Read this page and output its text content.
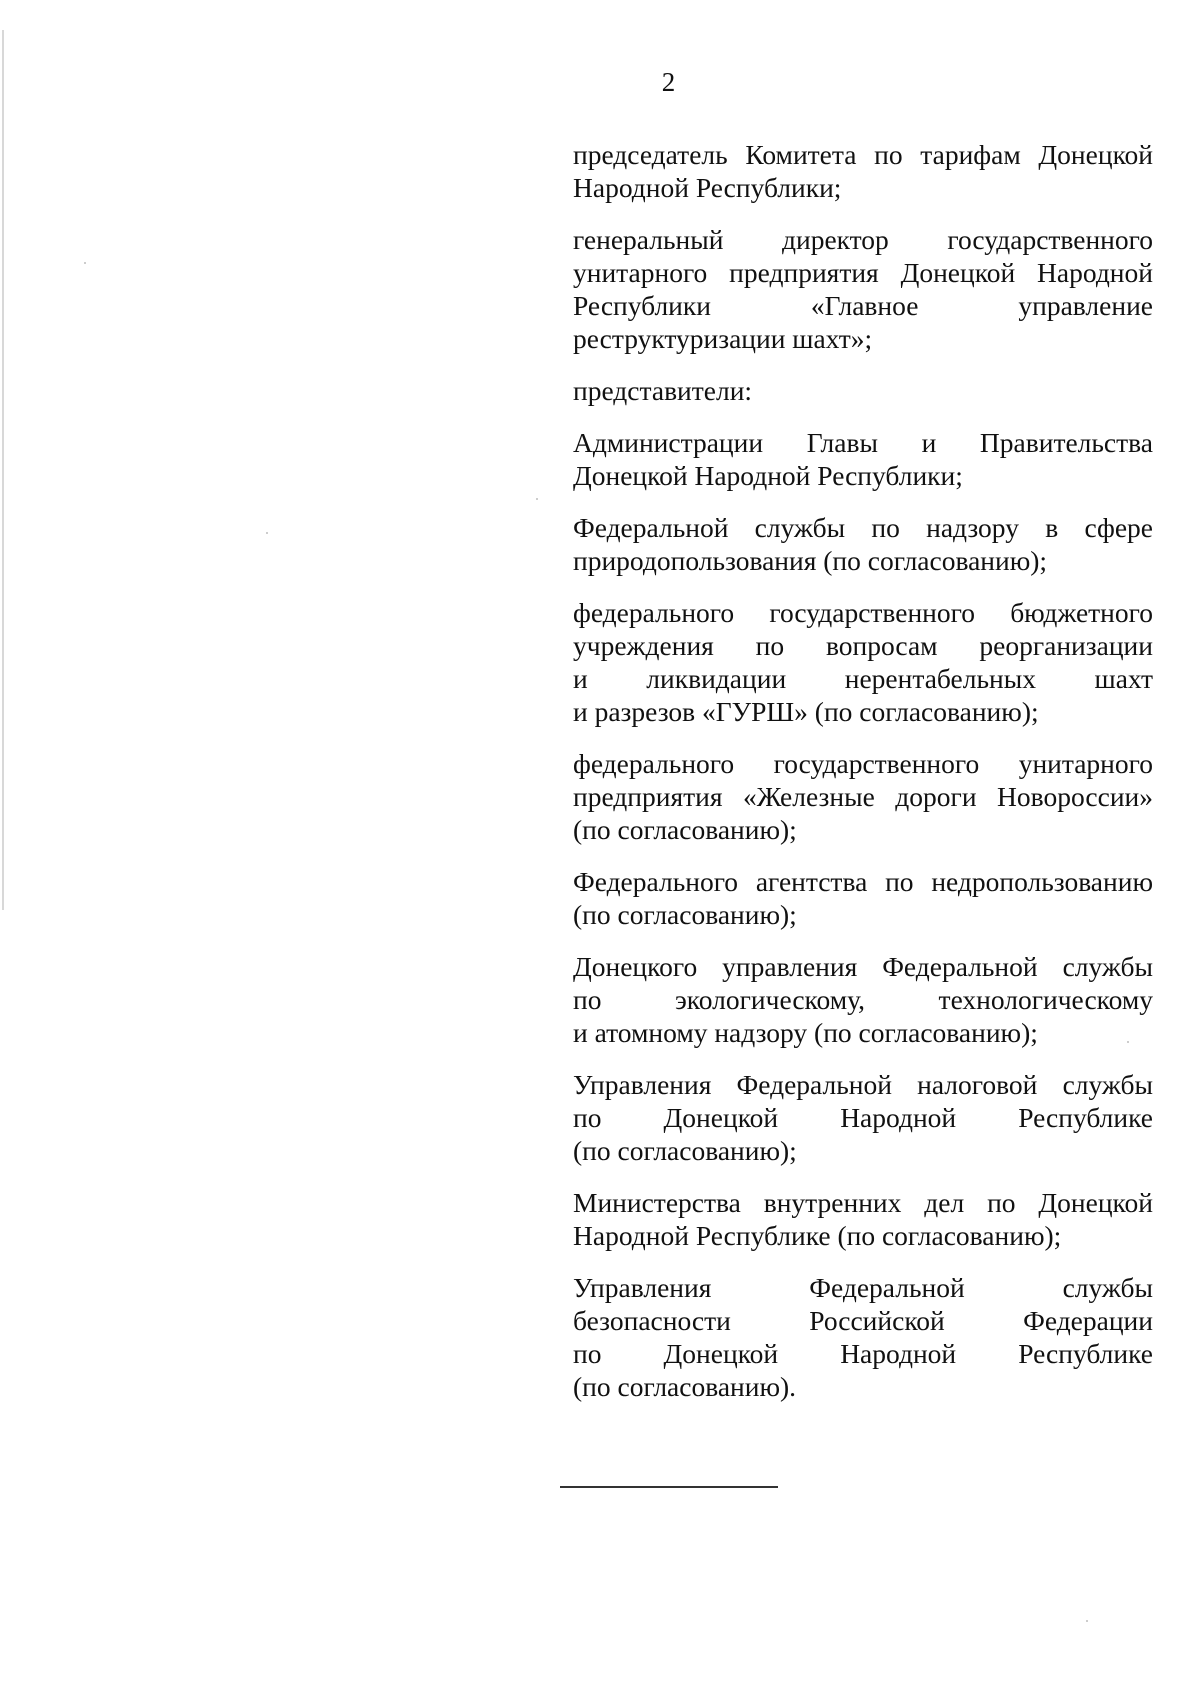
2
председатель Комитета по тарифам Донецкой
Народной Республики;
генеральный директор государственного
унитарного предприятия Донецкой Народной
Республики «Главное управление
реструктуризации шахт»;
представители:
Администрации Главы и Правительства
Донецкой Народной Республики;
Федеральной службы по надзору в сфере
природопользования (по согласованию);
федерального государственного бюджетного
учреждения по вопросам реорганизации
и ликвидации нерентабельных шахт
и разрезов «ГУРШ» (по согласованию);
федерального государственного унитарного
предприятия «Железные дороги Новороссии»
(по согласованию);
Федерального агентства по недропользованию
(по согласованию);
Донецкого управления Федеральной службы
по экологическому, технологическому
и атомному надзору (по согласованию);
Управления Федеральной налоговой службы
по Донецкой Народной Республике
(по согласованию);
Министерства внутренних дел по Донецкой
Народной Республике (по согласованию);
Управления Федеральной службы
безопасности Российской Федерации
по Донецкой Народной Республике
(по согласованию).
